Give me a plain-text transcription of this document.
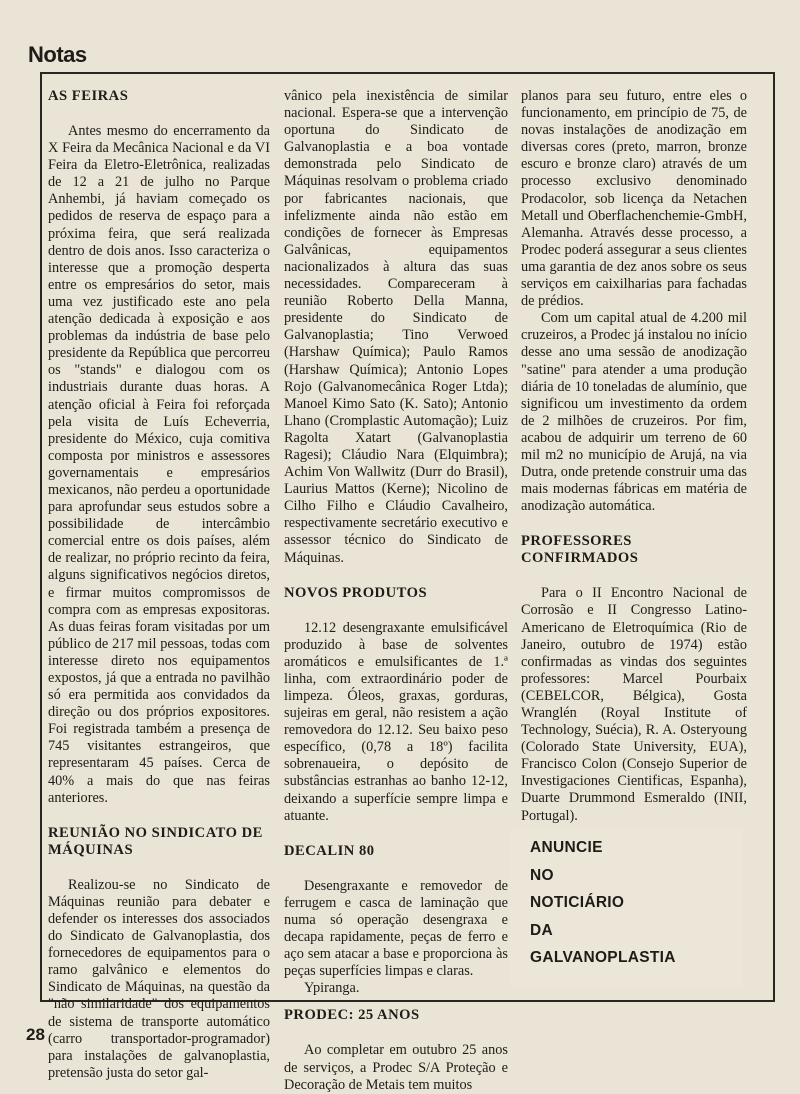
Notas
AS FEIRAS

Antes mesmo do encerramento da X Feira da Mecânica Nacional e da VI Feira da Eletro-Eletrônica, realizadas de 12 a 21 de julho no Parque Anhembi, já haviam começado os pedidos de reserva de espaço para a próxima feira, que será realizada dentro de dois anos. Isso caracteriza o interesse que a promoção desperta entre os empresários do setor, mais uma vez justificado este ano pela atenção dedicada à exposição e aos problemas da indústria de base pelo presidente da República que percorreu os "stands" e dialogou com os industriais durante duas horas. A atenção oficial à Feira foi reforçada pela visita de Luís Echeverria, presidente do México, cuja comitiva composta por ministros e assessores governamentais e empresários mexicanos, não perdeu a oportunidade para aprofundar seus estudos sobre a possibilidade de intercâmbio comercial entre os dois países, além de realizar, no próprio recinto da feira, alguns significativos negócios diretos, e firmar muitos compromissos de compra com as empresas expositoras. As duas feiras foram visitadas por um público de 217 mil pessoas, todas com interesse direto nos equipamentos expostos, já que a entrada no pavilhão só era permitida aos convidados da direção ou dos próprios expositores. Foi registrada também a presença de 745 visitantes estrangeiros, que representaram 45 países. Cerca de 40% a mais do que nas feiras anteriores.

REUNIÃO NO SINDICATO DE MÁQUINAS

Realizou-se no Sindicato de Máquinas reunião para debater e defender os interesses dos associados do Sindicato de Galvanoplastia, dos fornecedores de equipamentos para o ramo galvânico e elementos do Sindicato de Máquinas, na questão da "não similaridade" dos equipamentos de sistema de transporte automático (carro transportador-programador) para instalações de galvanoplastia, pretensão justa do setor gal-

vânico pela inexistência de similar nacional. Espera-se que a intervenção oportuna do Sindicato de Galvanoplastia e a boa vontade demonstrada pelo Sindicato de Máquinas resolvam o problema criado por fabricantes nacionais, que infelizmente ainda não estão em condições de fornecer às Empresas Galvânicas, equipamentos nacionalizados à altura das suas necessidades. Compareceram à reunião Roberto Della Manna, presidente do Sindicato de Galvanoplastia; Tino Verwoed (Harshaw Química); Paulo Ramos (Harshaw Química); Antonio Lopes Rojo (Galvanomecânica Roger Ltda); Manoel Kimo Sato (K. Sato); Antonio Lhano (Cromplastic Automação); Luiz Ragolta Xatart (Galvanoplastia Ragesi); Cláudio Nara (Elquimbra); Achim Von Wallwitz (Durr do Brasil), Laurius Mattos (Kerne); Nicolino de Cilho Filho e Cláudio Cavalheiro, respectivamente secretário executivo e assessor técnico do Sindicato de Máquinas.

NOVOS PRODUTOS

12.12 desengraxante emulsificável produzido à base de solventes aromáticos e emulsificantes de 1.ª linha, com extraordinário poder de limpeza. Óleos, graxas, gorduras, sujeiras em geral, não resistem a ação removedora do 12.12. Seu baixo peso específico, (0,78 a 18º) facilita sobrenaueira, o depósito de substâncias estranhas ao banho 12-12, deixando a superfície sempre limpa e atuante.

DECALIN 80

Desengraxante e removedor de ferrugem e casca de laminação que numa só operação desengraxa e decapa rapidamente, peças de ferro e aço sem atacar a base e proporciona às peças superfícies limpas e claras.

Ypiranga.

PRODEC: 25 ANOS

Ao completar em outubro 25 anos de serviços, a Prodec S/A Proteção e Decoração de Metais tem muitos

planos para seu futuro, entre eles o funcionamento, em princípio de 75, de novas instalações de anodização em diversas cores (preto, marron, bronze escuro e bronze claro) através de um processo exclusivo denominado Prodacolor, sob licença da Netachen Metall und Oberflachenchemie-GmbH, Alemanha. Através desse processo, a Prodec poderá assegurar a seus clientes uma garantia de dez anos sobre os seus serviços em caixilharias para fachadas de prédios.

Com um capital atual de 4.200 mil cruzeiros, a Prodec já instalou no início desse ano uma sessão de anodização "satine" para atender a uma produção diária de 10 toneladas de alumínio, que significou um investimento da ordem de 2 milhões de cruzeiros. Por fim, acabou de adquirir um terreno de 60 mil m2 no município de Arujá, na via Dutra, onde pretende construir uma das mais modernas fábricas em matéria de anodização automática.

PROFESSORES CONFIRMADOS

Para o II Encontro Nacional de Corrosão e II Congresso Latino-Americano de Eletroquímica (Rio de Janeiro, outubro de 1974) estão confirmadas as vindas dos seguintes professores: Marcel Pourbaix (CEBELCOR, Bélgica), Gosta Wranglén (Royal Institute of Technology, Suécia), R. A. Osteryoung (Colorado State University, EUA), Francisco Colon (Consejo Superior de Investigaciones Cientificas, Espanha), Duarte Drummond Esmeraldo (INII, Portugal).

ANUNCIE
NO
NOTICIÁRIO
DA
GALVANOPLASTIA
28
